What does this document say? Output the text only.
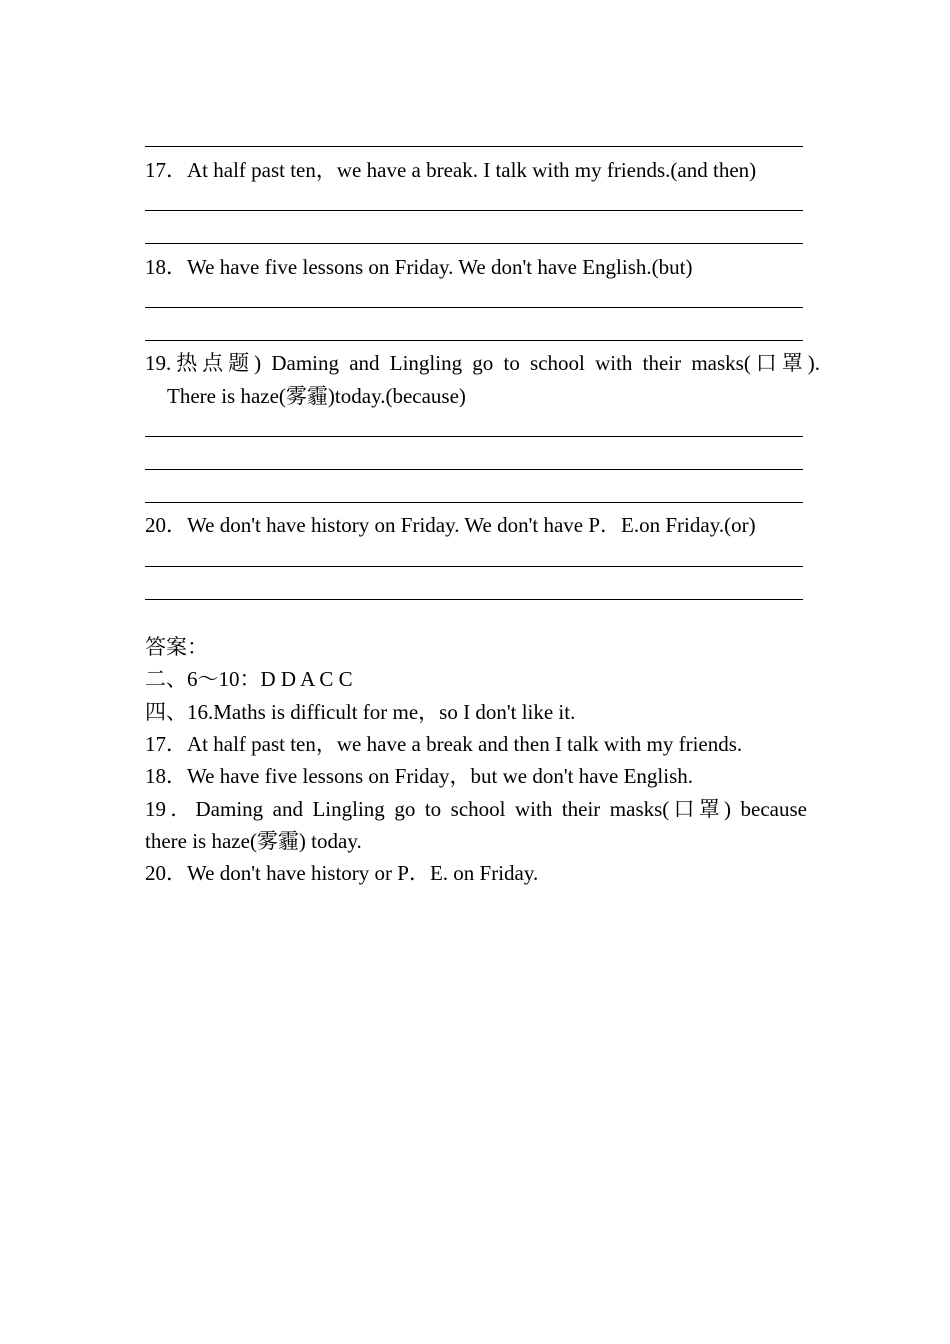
17．At half past ten，we have a break. I talk with my friends.(and then)
18．We have five lessons on Friday. We don't have English.(but)
19.热点题) Daming and Lingling go to school with their masks(口罩).
There is haze(雾霾)today.(because)
20．We don't have history on Friday. We don't have P．E.on Friday.(or)
答案：
二、6～10：D D A C C
四、16.Maths is difficult for me，so I don't like it.
17．At half past ten，we have a break and then I talk with my friends.
18．We have five lessons on Friday，but we don't have English.
19．Daming and Lingling go to school with their masks(口罩) because
there is haze(雾霾) today.
20．We don't have history or P．E. on Friday.
